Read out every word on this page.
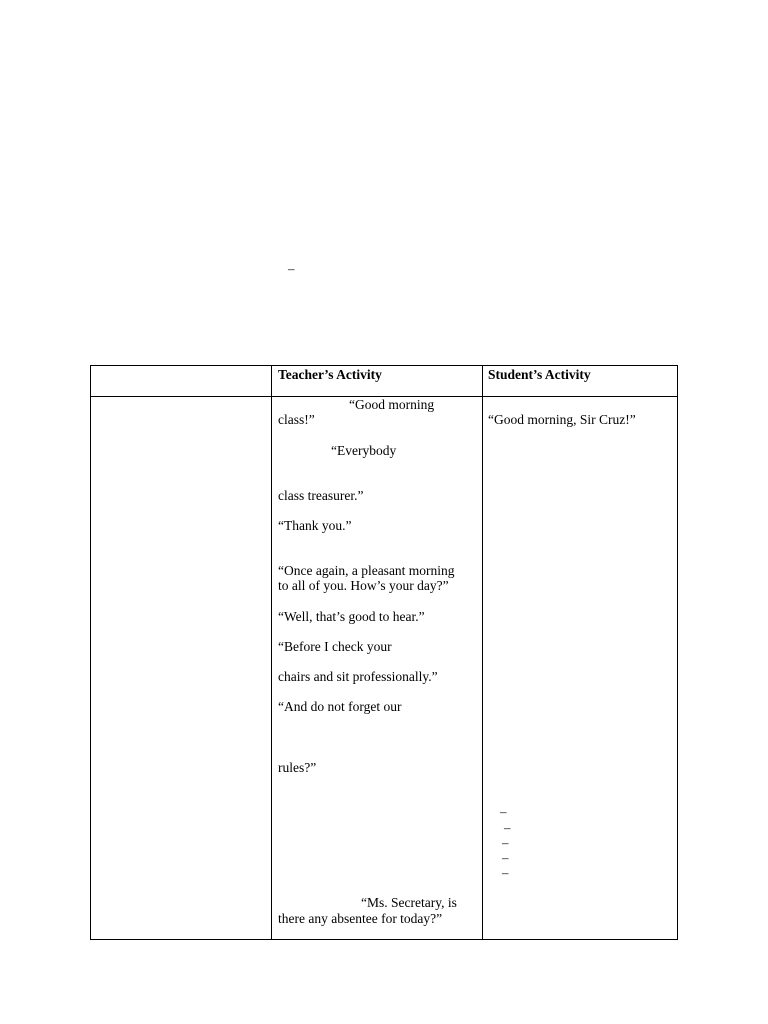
–
Teacher’s Activity	Student’s Activity
“Good morning
class!”
“Everybody
class treasurer.”
“Thank you.”
“Once again, a pleasant morning
to all of you. How’s your day?”
“Well, that’s good to hear.”
“Before I check your
chairs and sit professionally.”
“And do not forget our
rules?”
“Ms. Secretary, is
there any absentee for today?”
“Good morning, Sir Cruz!”
–
–
–
–
–
